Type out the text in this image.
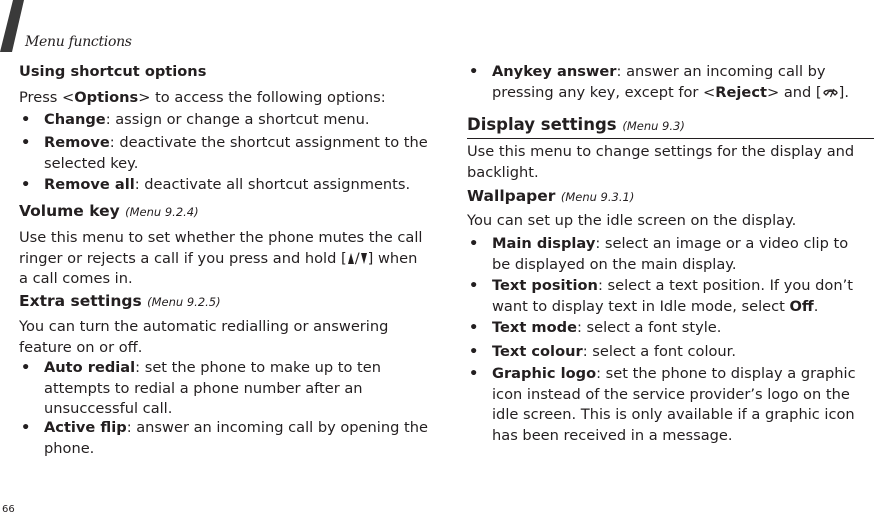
Menu functions
66

Using shortcut options

Press <Options> to access the following options:

• Change: assign or change a shortcut menu.

• Remove: deactivate the shortcut assignment to the selected key.

• Remove all: deactivate all shortcut assignments.

Volume key (Menu 9.2.4)

Use this menu to set whether the phone mutes the call ringer or rejects a call if you press and hold [ / ] when a call comes in.

Extra settings (Menu 9.2.5)

You can turn the automatic redialling or answering feature on or off.

• Auto redial: set the phone to make up to ten attempts to redial a phone number after an unsuccessful call.

• Active flip: answer an incoming call by opening the phone.

• Anykey answer: answer an incoming call by pressing any key, except for <Reject> and [ ].

Display settings (Menu 9.3)

Use this menu to change settings for the display and backlight.

Wallpaper (Menu 9.3.1)

You can set up the idle screen on the display.

• Main display: select an image or a video clip to be displayed on the main display.

• Text position: select a text position. If you don’t want to display text in Idle mode, select Off.

• Text mode: select a font style.

• Text colour: select a font colour.

• Graphic logo: set the phone to display a graphic icon instead of the service provider’s logo on the idle screen. This is only available if a graphic icon has been received in a message.
